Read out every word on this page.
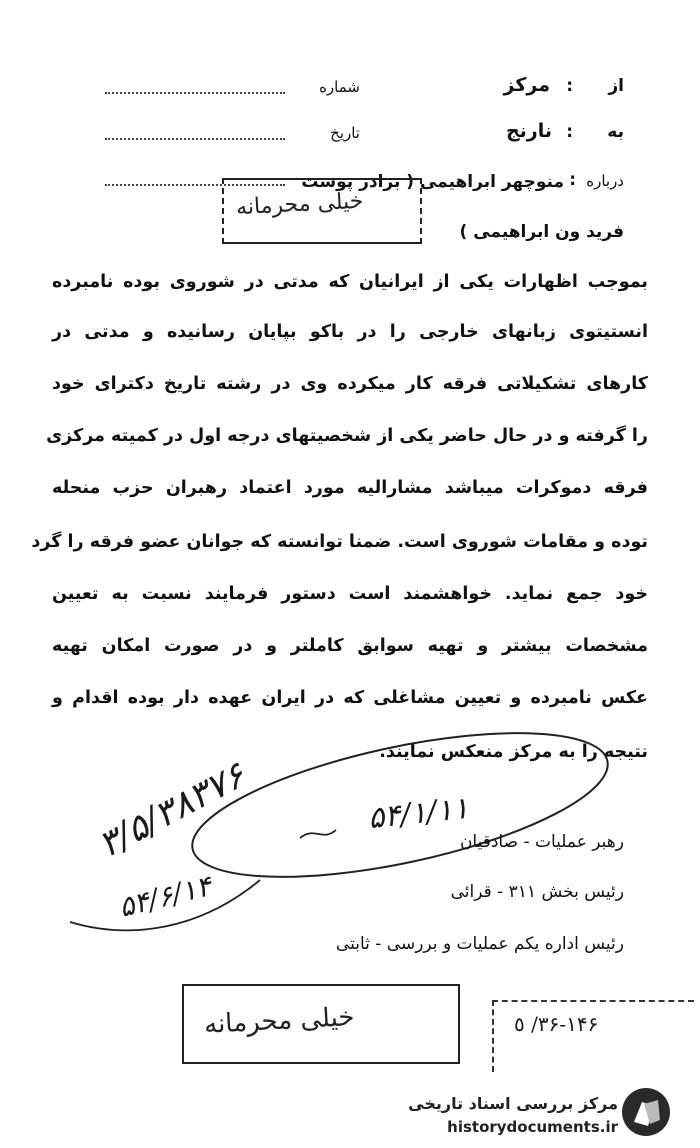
از
:
مرکز
شماره
به
:
نارنج
تاریخ
درباره
:
منوچهر ابراهیمی ( برادر پوست
فرید ون ابراهیمی )
خیلی محرمانه
بموجب اظهارات یکی از ایرانیان که مدتی در شوروی بوده نامبرده
انستیتوی زبانهای خارجی را در باکو بپایان رسانیده و مدتی در
کارهای تشکیلاتی فرقه کار میکرده وی در رشته تاریخ دکترای خود
را گرفته و در حال حاضر یکی از شخصیتهای درجه اول در کمیته مرکزی
فرقه دموکرات میباشد مشارالیه مورد اعتماد رهبران حزب منحله
توده و مقامات شوروی است. ضمنا توانسته که جوانان عضو فرقه را گرد
خود جمع نماید. خواهشمند است دستور فرمایند نسبت به تعیین
مشخصات بیشتر و تهیه سوابق کاملتر و در صورت امکان تهیه
عکس نامبرده و تعیین مشاغلی که در ایران عهده دار بوده اقدام و
نتیجه را به مرکز منعکس نمایند.
۳/۵/۳۸۳۷۶
۵۴/۶/۱۴
۵۴/۱/۱۱
رهبر عملیات - صادقیان
رئیس بخش ۳۱۱ - قرائی
رئیس اداره یکم عملیات و بررسی - ثابتی
خیلی محرمانه	۳۶-۱۴۶/ ٥
مرکز بررسی اسناد تاریخی
historydocuments.ir
